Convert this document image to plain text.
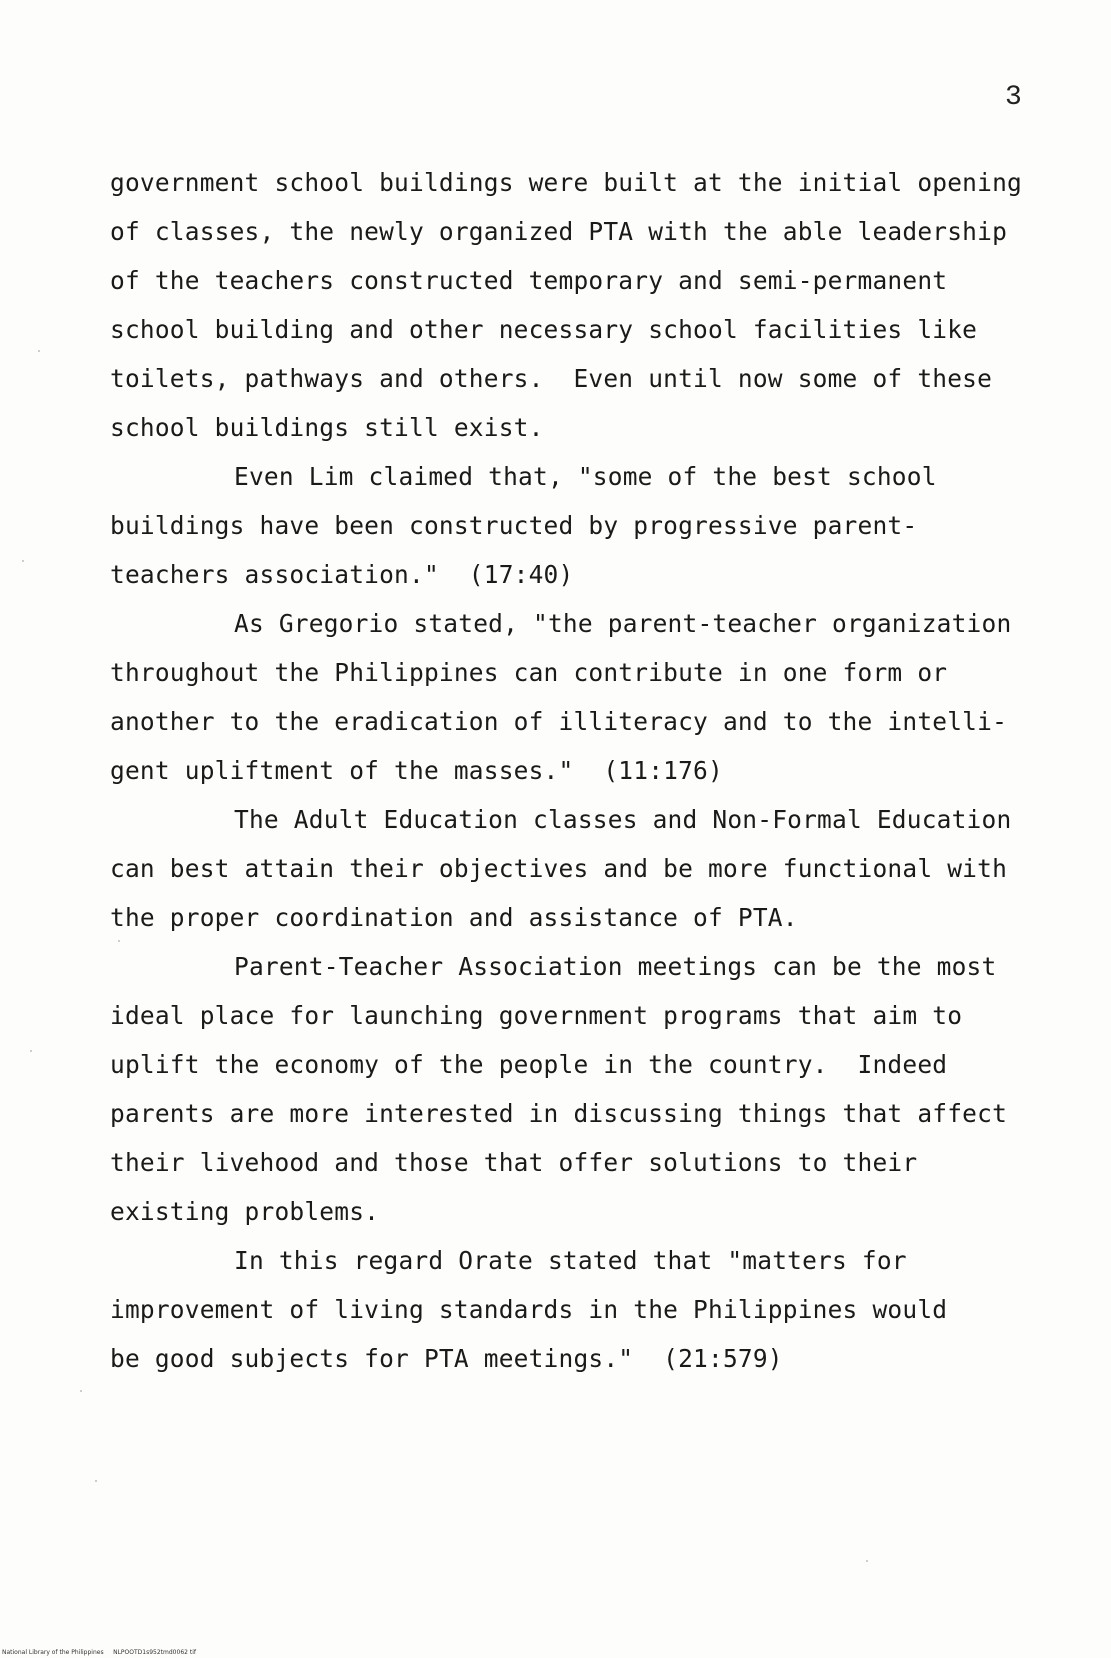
3
government school buildings were built at the initial opening
of classes, the newly organized PTA with the able leadership
of the teachers constructed temporary and semi-permanent
school building and other necessary school facilities like
toilets, pathways and others.  Even until now some of these
school buildings still exist.
Even Lim claimed that, "some of the best school
buildings have been constructed by progressive parent-
teachers association."  (17:40)
As Gregorio stated, "the parent-teacher organization
throughout the Philippines can contribute in one form or
another to the eradication of illiteracy and to the intelli-
gent upliftment of the masses."  (11:176)
The Adult Education classes and Non-Formal Education
can best attain their objectives and be more functional with
the proper coordination and assistance of PTA.
Parent-Teacher Association meetings can be the most
ideal place for launching government programs that aim to
uplift the economy of the people in the country.  Indeed
parents are more interested in discussing things that affect
their livehood and those that offer solutions to their
existing problems.
In this regard Orate stated that "matters for
improvement of living standards in the Philippines would
be good subjects for PTA meetings."  (21:579)
National Library of the Philippines     NLPOOTD1s952tmd0062 tif
